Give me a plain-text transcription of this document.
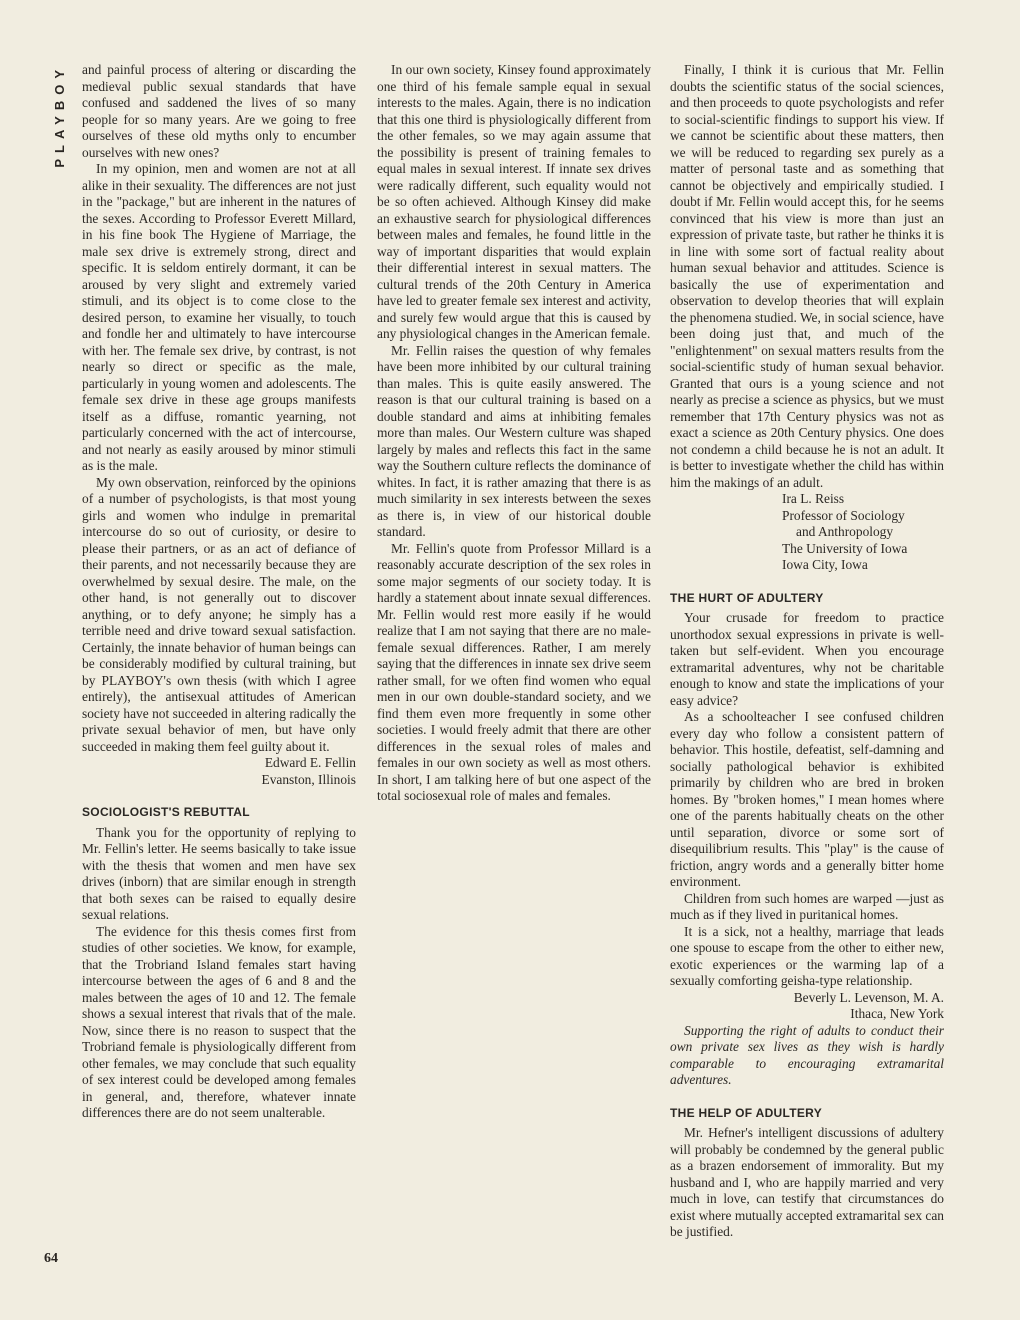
PLAYBOY
64

and painful process of altering or discarding the medieval public sexual standards that have confused and saddened the lives of so many people for so many years. Are we going to free ourselves of these old myths only to encumber ourselves with new ones?

In my opinion, men and women are not at all alike in their sexuality. The differences are not just in the "package," but are inherent in the natures of the sexes. According to Professor Everett Millard, in his fine book The Hygiene of Marriage, the male sex drive is extremely strong, direct and specific. It is seldom entirely dormant, it can be aroused by very slight and extremely varied stimuli, and its object is to come close to the desired person, to examine her visually, to touch and fondle her and ultimately to have intercourse with her. The female sex drive, by contrast, is not nearly so direct or specific as the male, particularly in young women and adolescents. The female sex drive in these age groups manifests itself as a diffuse, romantic yearning, not particularly concerned with the act of intercourse, and not nearly as easily aroused by minor stimuli as is the male.

My own observation, reinforced by the opinions of a number of psychologists, is that most young girls and women who indulge in premarital intercourse do so out of curiosity, or desire to please their partners, or as an act of defiance of their parents, and not necessarily because they are overwhelmed by sexual desire. The male, on the other hand, is not generally out to discover anything, or to defy anyone; he simply has a terrible need and drive toward sexual satisfaction. Certainly, the innate behavior of human beings can be considerably modified by cultural training, but by PLAYBOY's own thesis (with which I agree entirely), the antisexual attitudes of American society have not succeeded in altering radically the private sexual behavior of men, but have only succeeded in making them feel guilty about it.

Edward E. Fellin

Evanston, Illinois

SOCIOLOGIST'S REBUTTAL

Thank you for the opportunity of replying to Mr. Fellin's letter. He seems basically to take issue with the thesis that women and men have sex drives (inborn) that are similar enough in strength that both sexes can be raised to equally desire sexual relations.

The evidence for this thesis comes first from studies of other societies. We know, for example, that the Trobriand Island females start having intercourse between the ages of 6 and 8 and the males between the ages of 10 and 12. The female shows a sexual interest that rivals that of the male. Now, since there is no reason to suspect that the Trobriand female is physiologically different from other females, we may conclude that such equality of sex interest could be developed among females in general, and, therefore, whatever innate differences there are do not seem unalterable.

In our own society, Kinsey found approximately one third of his female sample equal in sexual interests to the males. Again, there is no indication that this one third is physiologically different from the other females, so we may again assume that the possibility is present of training females to equal males in sexual interest. If innate sex drives were radically different, such equality would not be so often achieved. Although Kinsey did make an exhaustive search for physiological differences between males and females, he found little in the way of important disparities that would explain their differential interest in sexual matters. The cultural trends of the 20th Century in America have led to greater female sex interest and activity, and surely few would argue that this is caused by any physiological changes in the American female.

Mr. Fellin raises the question of why females have been more inhibited by our cultural training than males. This is quite easily answered. The reason is that our cultural training is based on a double standard and aims at inhibiting females more than males. Our Western culture was shaped largely by males and reflects this fact in the same way the Southern culture reflects the dominance of whites. In fact, it is rather amazing that there is as much similarity in sex interests between the sexes as there is, in view of our historical double standard.

Mr. Fellin's quote from Professor Millard is a reasonably accurate description of the sex roles in some major segments of our society today. It is hardly a statement about innate sexual differences. Mr. Fellin would rest more easily if he would realize that I am not saying that there are no male-female sexual differences. Rather, I am merely saying that the differences in innate sex drive seem rather small, for we often find women who equal men in our own double-standard society, and we find them even more frequently in some other societies. I would freely admit that there are other differences in the sexual roles of males and females in our own society as well as most others. In short, I am talking here of but one aspect of the total sociosexual role of males and females.

Finally, I think it is curious that Mr. Fellin doubts the scientific status of the social sciences, and then proceeds to quote psychologists and refer to social-scientific findings to support his view. If we cannot be scientific about these matters, then we will be reduced to regarding sex purely as a matter of personal taste and as something that cannot be objectively and empirically studied. I doubt if Mr. Fellin would accept this, for he seems convinced that his view is more than just an expression of private taste, but rather he thinks it is in line with some sort of factual reality about human sexual behavior and attitudes. Science is basically the use of experimentation and observation to develop theories that will explain the phenomena studied. We, in social science, have been doing just that, and much of the "enlightenment" on sexual matters results from the social-scientific study of human sexual behavior. Granted that ours is a young science and not nearly as precise a science as physics, but we must remember that 17th Century physics was not as exact a science as 20th Century physics. One does not condemn a child because he is not an adult. It is better to investigate whether the child has within him the makings of an adult.

Ira L. Reiss
Professor of Sociology
and Anthropology
The University of Iowa
Iowa City, Iowa
THE HURT OF ADULTERY

Your crusade for freedom to practice unorthodox sexual expressions in private is well-taken but self-evident. When you encourage extramarital adventures, why not be charitable enough to know and state the implications of your easy advice?

As a schoolteacher I see confused children every day who follow a consistent pattern of behavior. This hostile, defeatist, self-damning and socially pathological behavior is exhibited primarily by children who are bred in broken homes. By "broken homes," I mean homes where one of the parents habitually cheats on the other until separation, divorce or some sort of disequilibrium results. This "play" is the cause of friction, angry words and a generally bitter home environment.

Children from such homes are warped —just as much as if they lived in puritanical homes.

It is a sick, not a healthy, marriage that leads one spouse to escape from the other to either new, exotic experiences or the warming lap of a sexually comforting geisha-type relationship.

Beverly L. Levenson, M. A.

Ithaca, New York

Supporting the right of adults to conduct their own private sex lives as they wish is hardly comparable to encouraging extramarital adventures.

THE HELP OF ADULTERY

Mr. Hefner's intelligent discussions of adultery will probably be condemned by the general public as a brazen endorsement of immorality. But my husband and I, who are happily married and very much in love, can testify that circumstances do exist where mutually accepted extramarital sex can be justified.
